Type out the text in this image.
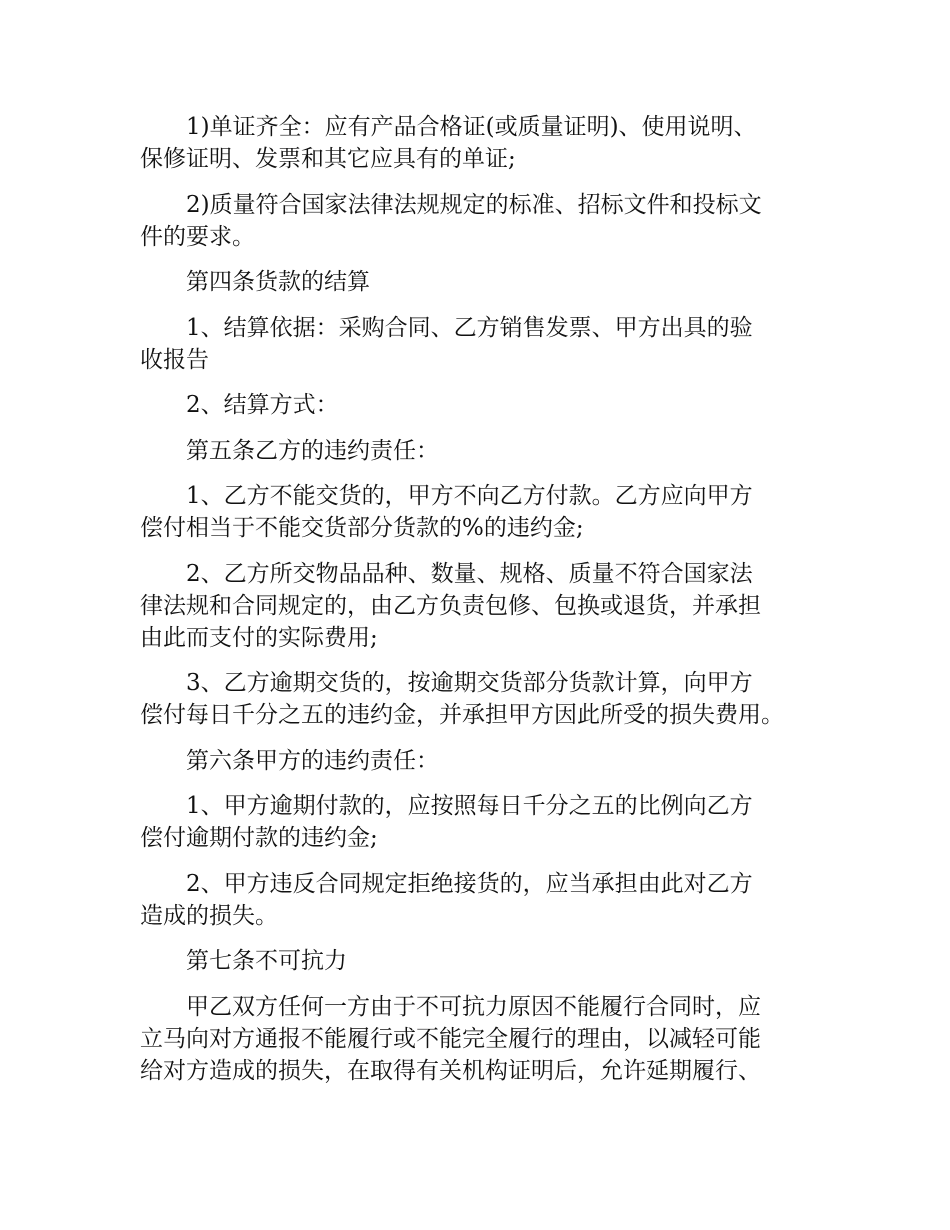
1)单证齐全：应有产品合格证(或质量证明)、使用说明、
保修证明、发票和其它应具有的单证;

2)质量符合国家法律法规规定的标准、招标文件和投标文
件的要求。

第四条货款的结算

1、结算依据：采购合同、乙方销售发票、甲方出具的验
收报告

2、结算方式：

第五条乙方的违约责任：

1、乙方不能交货的，甲方不向乙方付款。乙方应向甲方
偿付相当于不能交货部分货款的%的违约金;

2、乙方所交物品品种、数量、规格、质量不符合国家法
律法规和合同规定的，由乙方负责包修、包换或退货，并承担
由此而支付的实际费用;

3、乙方逾期交货的，按逾期交货部分货款计算，向甲方
偿付每日千分之五的违约金，并承担甲方因此所受的损失费用。

第六条甲方的违约责任：

1、甲方逾期付款的，应按照每日千分之五的比例向乙方
偿付逾期付款的违约金;

2、甲方违反合同规定拒绝接货的，应当承担由此对乙方
造成的损失。

第七条不可抗力

甲乙双方任何一方由于不可抗力原因不能履行合同时，应
立马向对方通报不能履行或不能完全履行的理由，以减轻可能
给对方造成的损失，在取得有关机构证明后，允许延期履行、
